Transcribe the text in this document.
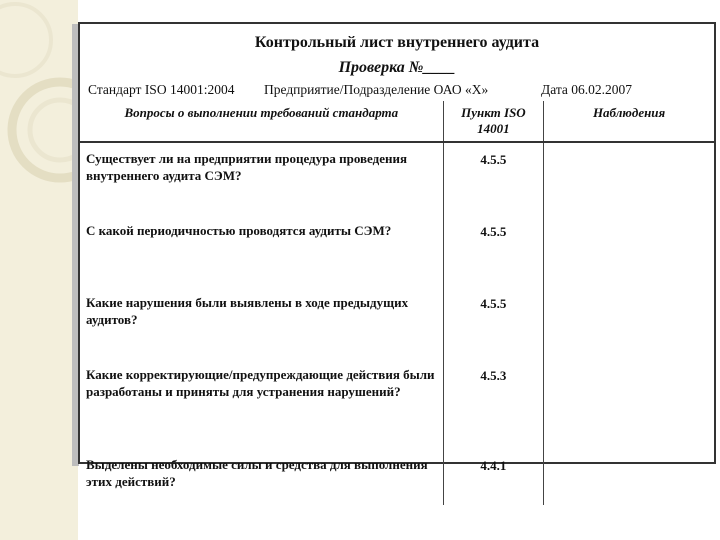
Контрольный лист внутреннего аудита
Проверка №____
Стандарт ISO 14001:2004 Предприятие/Подразделение ОАО «Х»	Дата 06.02.2007
Вопросы о выполнении требований стандарта	Пункт ISO 14001	Наблюдения
Существует ли на предприятии процедура проведения внутреннего аудита СЭМ?	4.5.5	
С какой периодичностью проводятся аудиты СЭМ?	4.5.5	
Какие нарушения были выявлены в ходе предыдущих аудитов?	4.5.5	
Какие корректирующие/предупреждающие действия были разработаны и приняты для устранения нарушений?	4.5.3	
Выделены необходимые силы и средства для выполнения этих действий?	4.4.1	
